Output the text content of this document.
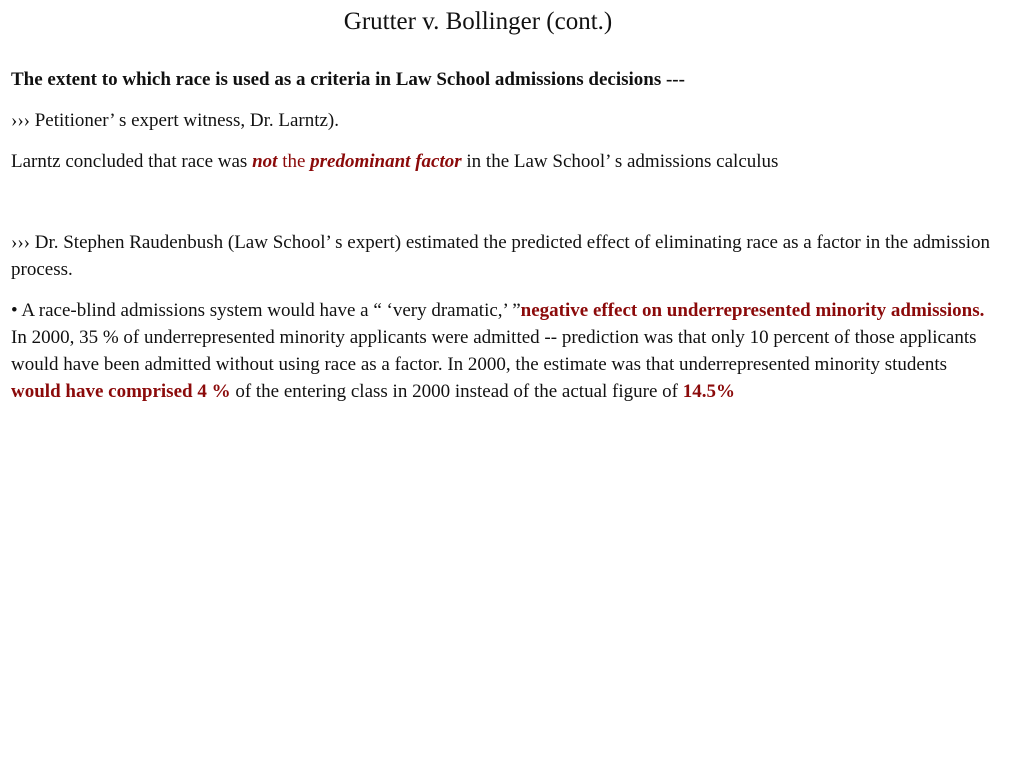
Grutter v. Bollinger (cont.)

The extent to which race is used as a criteria in Law School admissions decisions ---

››› Petitioner’ s expert witness, Dr. Larntz).

Larntz concluded that race was not the predominant factor in the Law School’ s admissions calculus

››› Dr. Stephen Raudenbush (Law School’ s expert) estimated the predicted effect of eliminating race as a factor in the admission process.

• A race-blind admissions system would have a “ ‘very dramatic,’ ”negative effect on underrepresented minority admissions. In 2000, 35 % of underrepresented minority applicants were admitted -- prediction was that only 10 percent of those applicants would have been admitted without using race as a factor. In 2000, the estimate was that underrepresented minority students would have comprised 4 % of the entering class in 2000 instead of the actual figure of 14.5%
